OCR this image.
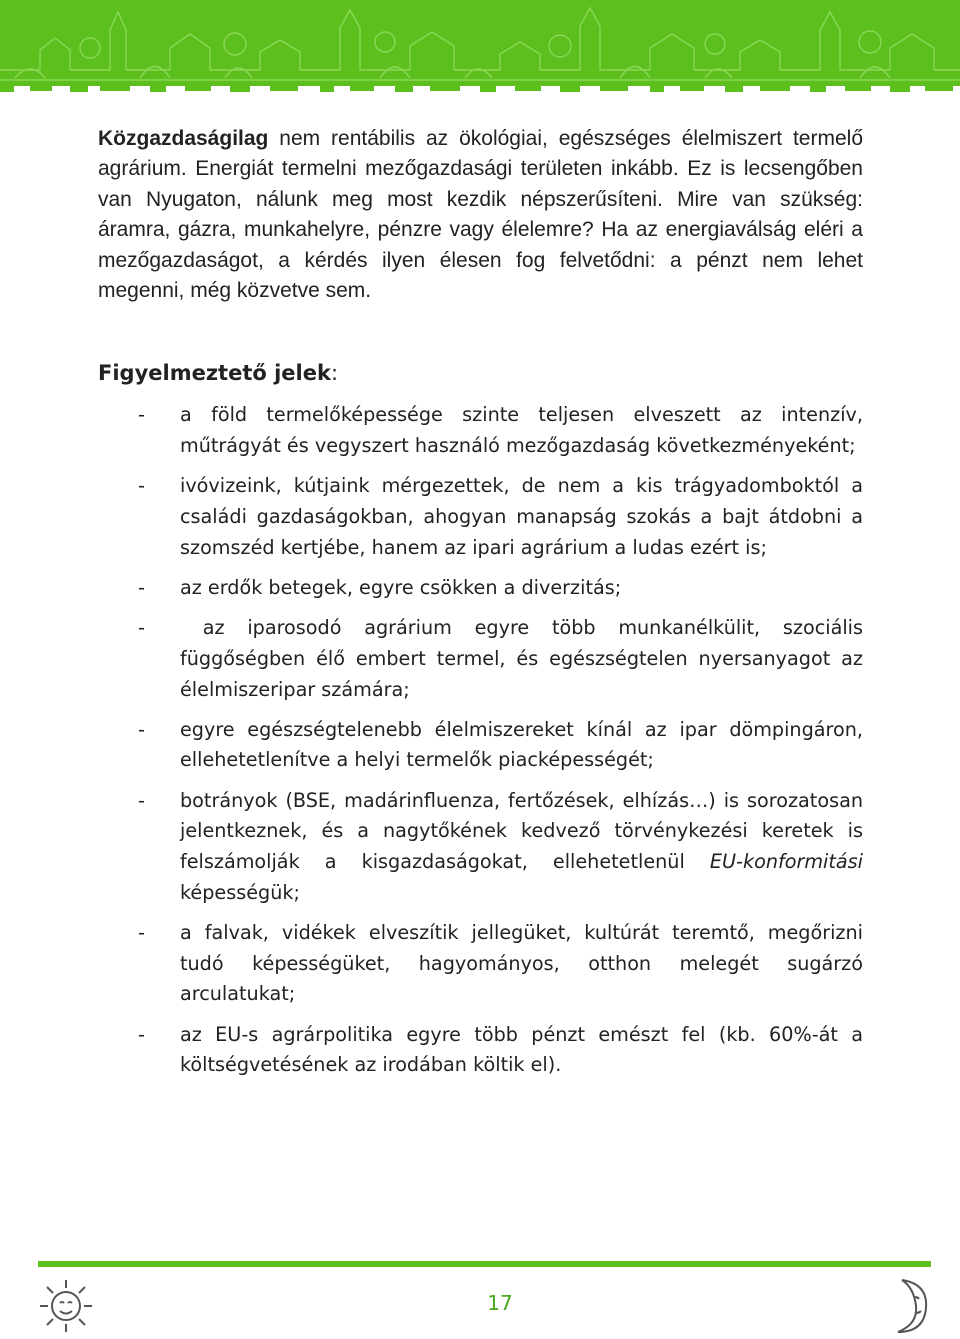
Közgazdaságilag nem rentábilis az ökológiai, egészséges élelmiszert termelő agrárium. Energiát termelni mezőgazdasági területen inkább. Ez is lecsengőben van Nyugaton, nálunk meg most kezdik népszerűsíteni. Mire van szükség: áramra, gázra, munkahelyre, pénzre vagy élelemre? Ha az energiaválság eléri a mezőgazdaságot, a kérdés ilyen élesen fog felvetődni: a pénzt nem lehet megenni, még közvetve sem.

Figyelmeztető jelek:

-	a föld termelőképessége szinte teljesen elveszett az intenzív, műtrágyát és vegyszert használó mezőgazdaság következményeként;
-	ivóvizeink, kútjaink mérgezettek, de nem a kis trágyadomboktól a családi gazdaságokban, ahogyan manapság szokás a bajt átdobni a szomszéd kertjébe, hanem az ipari agrárium a ludas ezért is;
-	az erdők betegek, egyre csökken a diverzitás;
-	az iparosodó agrárium egyre több munkanélkülit, szociális függőségben élő embert termel, és egészségtelen nyersanyagot az élelmiszeripar számára;
-	egyre egészségtelenebb élelmiszereket kínál az ipar dömpingáron, ellehetetlenítve a helyi termelők piacképességét;
-	botrányok (BSE, madárinfluenza, fertőzések, elhízás…) is sorozatosan jelentkeznek, és a nagytőkének kedvező törvénykezési keretek is felszámolják a kisgazdaságokat, ellehetetlenül EU-konformitási képességük;
-	a falvak, vidékek elveszítik jellegüket, kultúrát teremtő, megőrizni tudó képességüket, hagyományos, otthon melegét sugárzó arculatukat;
-	az EU-s agrárpolitika egyre több pénzt emészt fel (kb. 60%-át a költségvetésének az irodában költik el).
17
